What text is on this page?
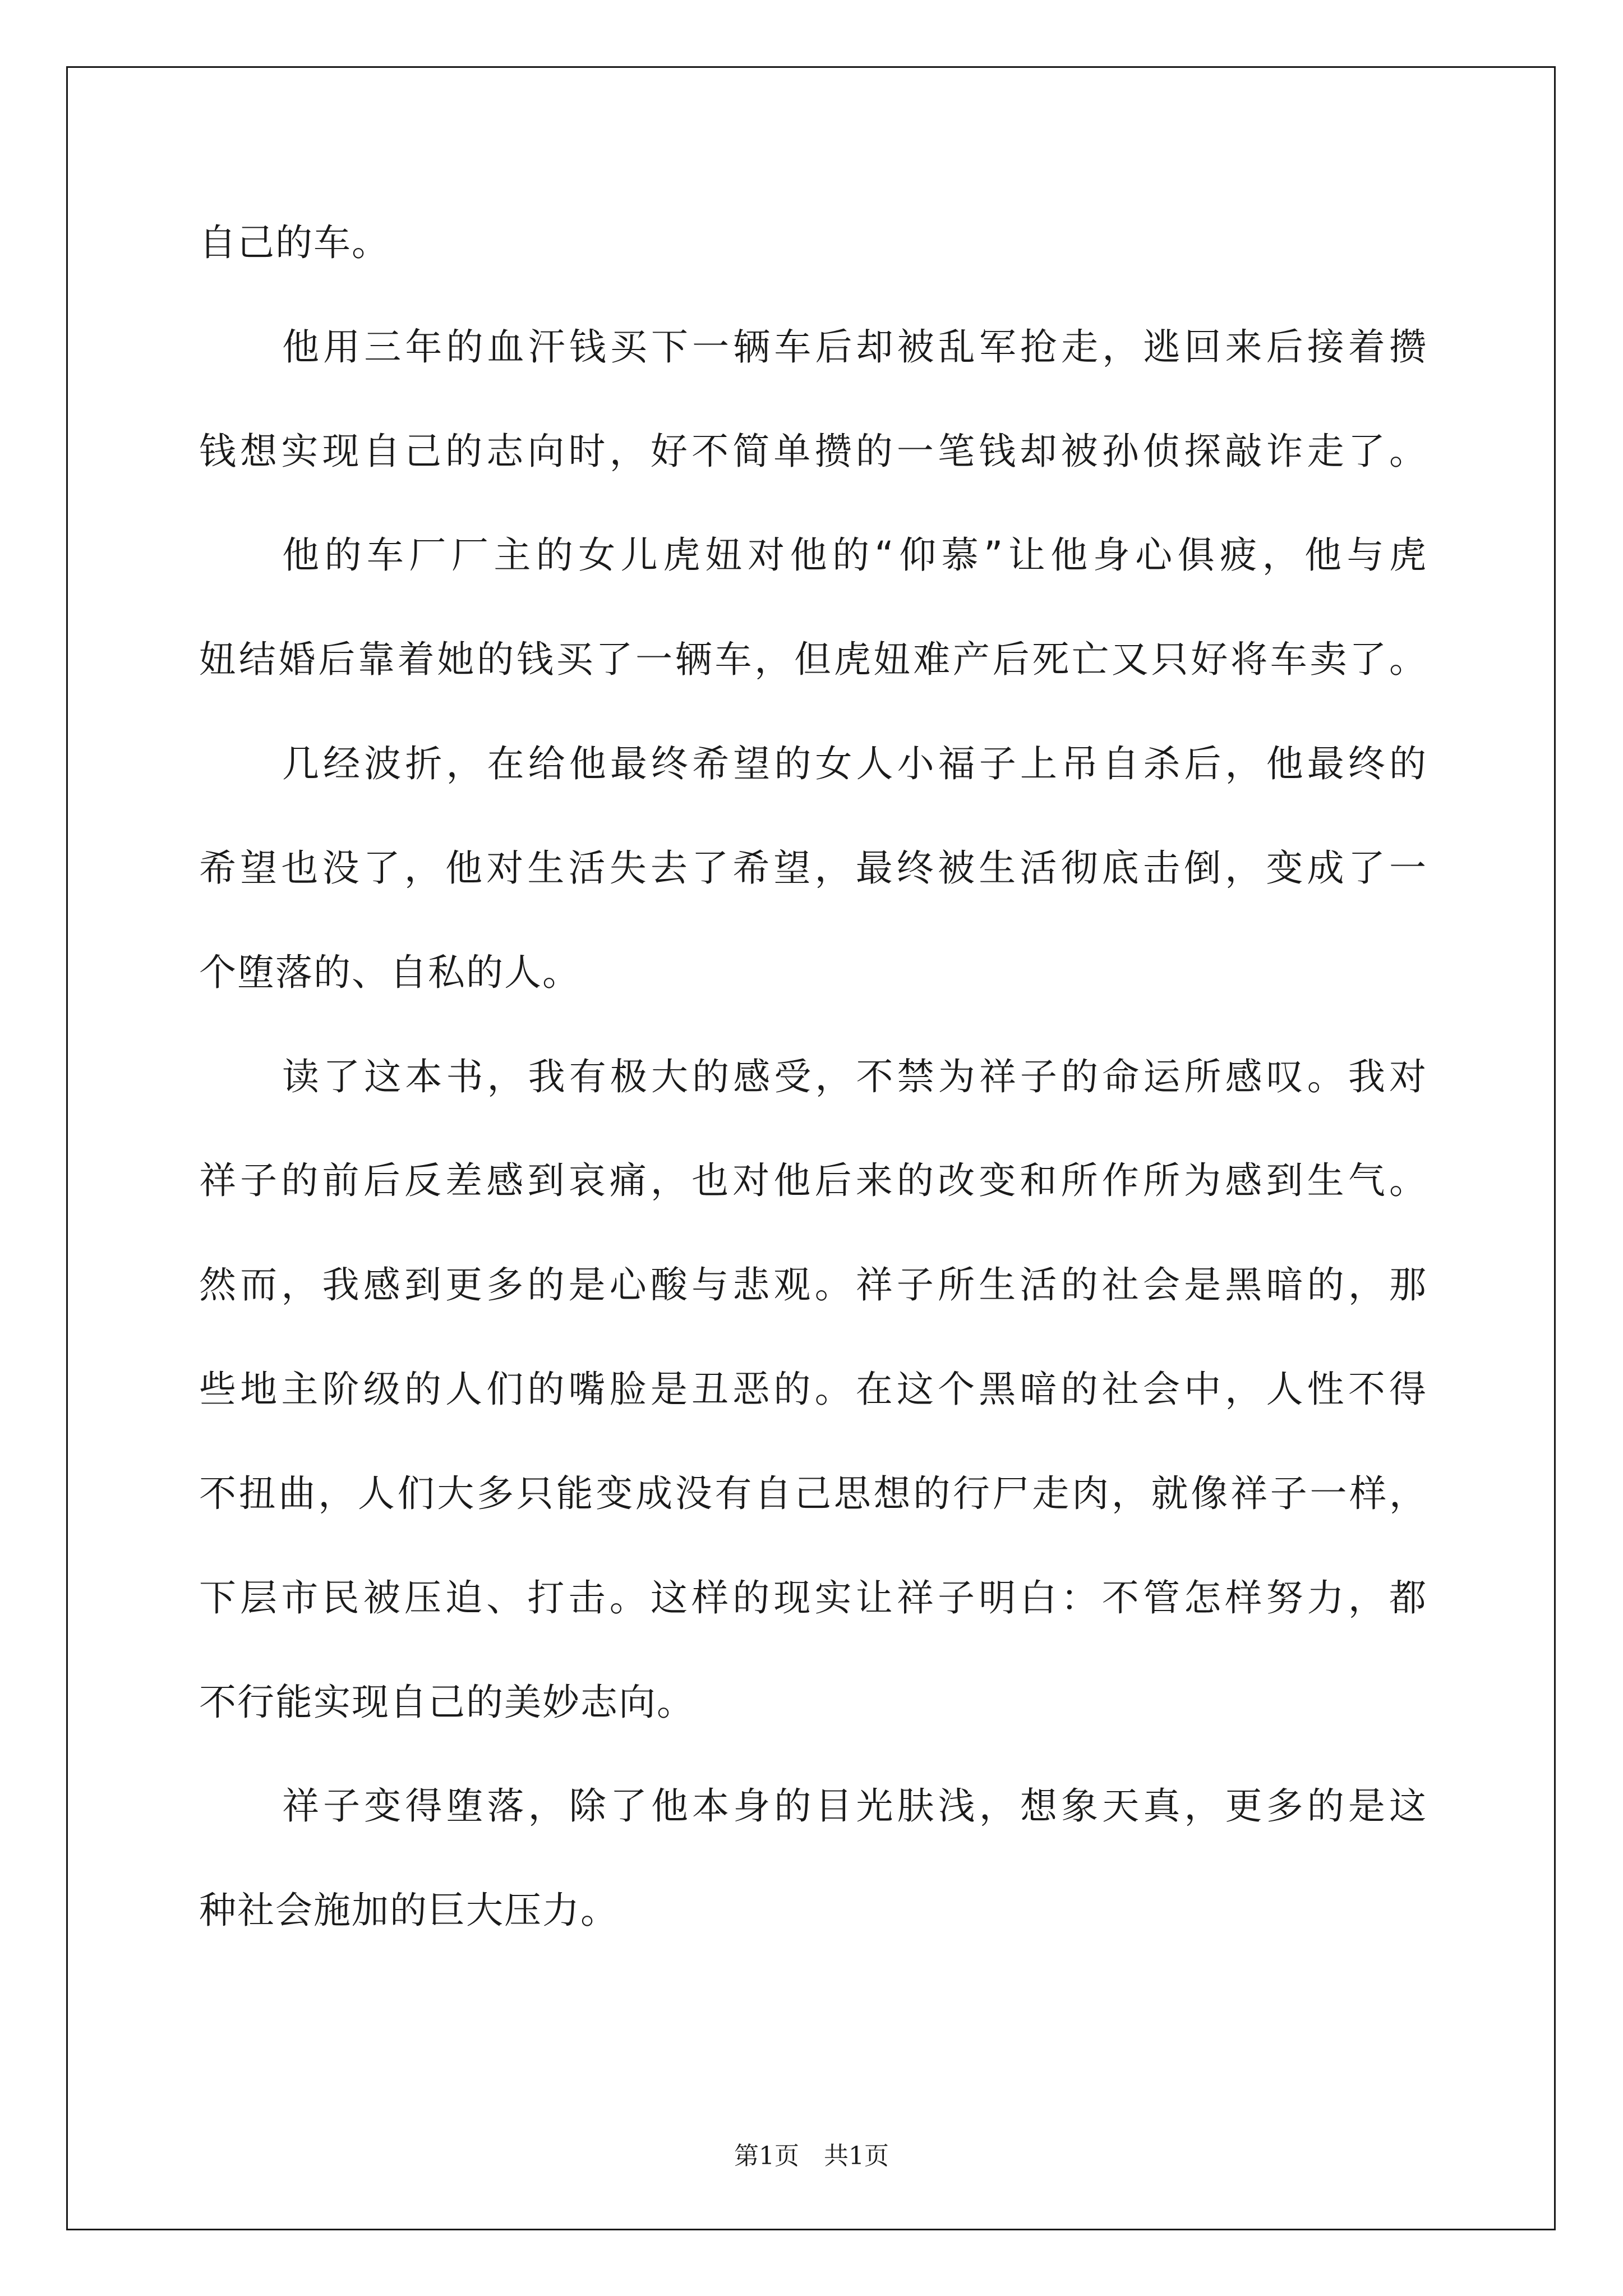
自己的车。
他用三年的血汗钱买下一辆车后却被乱军抢走，逃回来后接着攒
钱想实现自己的志向时，好不简单攒的一笔钱却被孙侦探敲诈走了。
他的车厂厂主的女儿虎妞对他的“仰慕”让他身心俱疲，他与虎
妞结婚后靠着她的钱买了一辆车，但虎妞难产后死亡又只好将车卖了。
几经波折，在给他最终希望的女人小福子上吊自杀后，他最终的
希望也没了，他对生活失去了希望，最终被生活彻底击倒，变成了一
个堕落的、自私的人。
读了这本书，我有极大的感受，不禁为祥子的命运所感叹。我对
祥子的前后反差感到哀痛，也对他后来的改变和所作所为感到生气。
然而，我感到更多的是心酸与悲观。祥子所生活的社会是黑暗的，那
些地主阶级的人们的嘴脸是丑恶的。在这个黑暗的社会中，人性不得
不扭曲，人们大多只能变成没有自己思想的行尸走肉，就像祥子一样，
下层市民被压迫、打击。这样的现实让祥子明白：不管怎样努力，都
不行能实现自己的美妙志向。
祥子变得堕落，除了他本身的目光肤浅，想象天真，更多的是这
种社会施加的巨大压力。
第1页　共1页
